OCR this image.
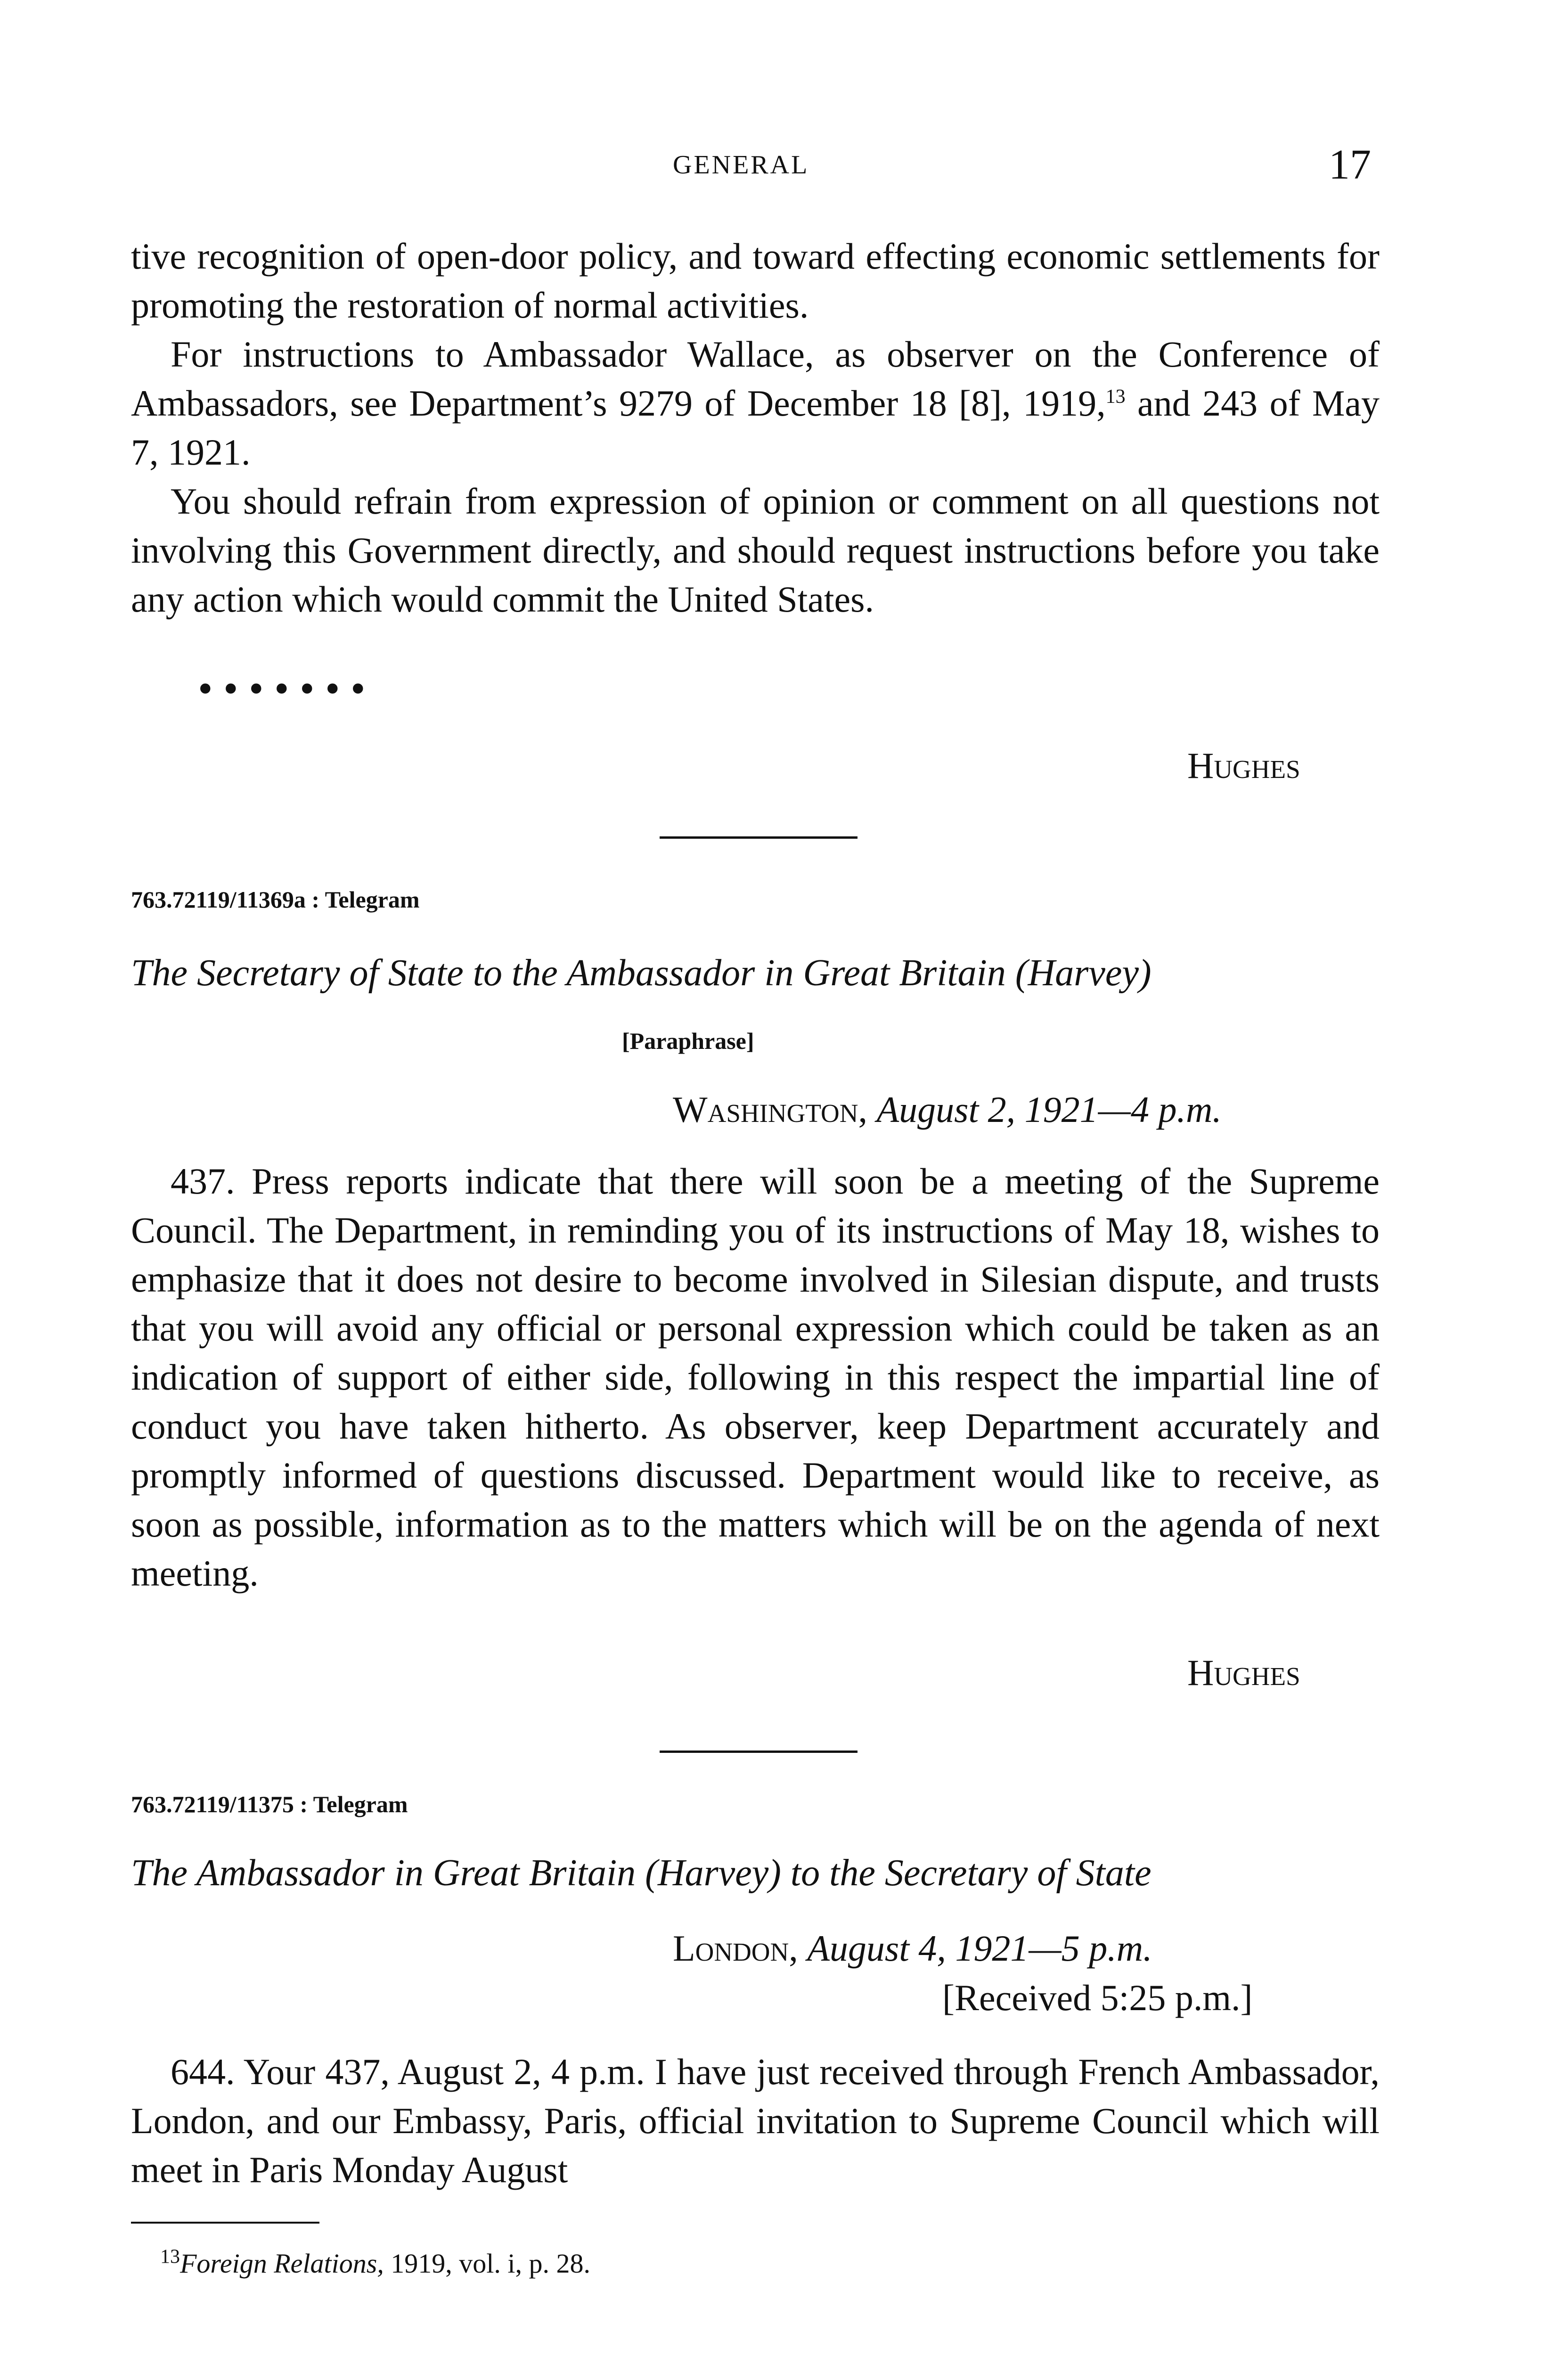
GENERAL	17

tive recognition of open-door policy, and toward effecting economic settlements for promoting the restoration of normal activities.

For instructions to Ambassador Wallace, as observer on the Conference of Ambassadors, see Department’s 9279 of December 18 [8], 1919,13 and 243 of May 7, 1921.

You should refrain from expression of opinion or comment on all questions not involving this Government directly, and should request instructions before you take any action which would commit the United States.

• • • • • • •
Hughes
763.72119/11369a : Telegram
The Secretary of State to the Ambassador in Great Britain (Harvey)
[Paraphrase]
Washington, August 2, 1921—4 p.m.

437. Press reports indicate that there will soon be a meeting of the Supreme Council. The Department, in reminding you of its instructions of May 18, wishes to emphasize that it does not desire to become involved in Silesian dispute, and trusts that you will avoid any official or personal expression which could be taken as an indication of support of either side, following in this respect the impartial line of conduct you have taken hitherto. As observer, keep Department accurately and promptly informed of questions discussed. Department would like to receive, as soon as possible, information as to the matters which will be on the agenda of next meeting.

Hughes
763.72119/11375 : Telegram
The Ambassador in Great Britain (Harvey) to the Secretary of State
London, August 4, 1921—5 p.m.
[Received 5:25 p.m.]

644. Your 437, August 2, 4 p.m. I have just received through French Ambassador, London, and our Embassy, Paris, official invitation to Supreme Council which will meet in Paris Monday August

$^{13}$Foreign Relations, 1919, vol. i, p. 28.
